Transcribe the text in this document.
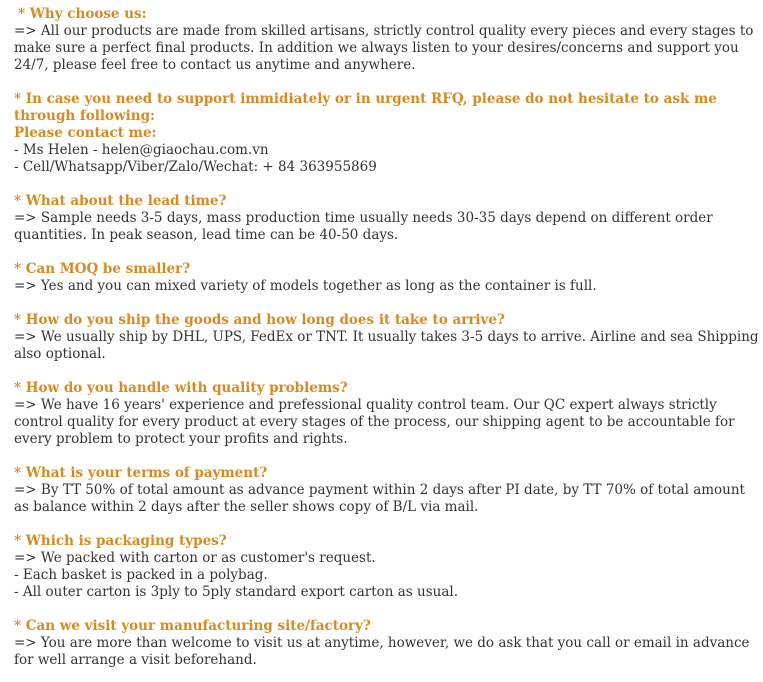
* Why choose us:
=> All our products are made from skilled artisans, strictly control quality every pieces and every stages to make sure a perfect final products. In addition we always listen to your desires/concerns and support you 24/7, please feel free to contact us anytime and anywhere.
* In case you need to support immidiately or in urgent RFQ, please do not hesitate to ask me through following:
Please contact me:
- Ms Helen - helen@giaochau.com.vn
- Cell/Whatsapp/Viber/Zalo/Wechat: + 84 363955869
* What about the lead time?
=> Sample needs 3-5 days, mass production time usually needs 30-35 days depend on different order quantities. In peak season, lead time can be 40-50 days.
* Can MOQ be smaller?
=> Yes and you can mixed variety of models together as long as the container is full.
* How do you ship the goods and how long does it take to arrive?
=> We usually ship by DHL, UPS, FedEx or TNT. It usually takes 3-5 days to arrive. Airline and sea Shipping also optional.
* How do you handle with quality problems?
=> We have 16 years' experience and prefessional quality control team. Our QC expert always strictly control quality for every product at every stages of the process, our shipping agent to be accountable for every problem to protect your profits and rights.
* What is your terms of payment?
=> By TT 50% of total amount as advance payment within 2 days after PI date, by TT 70% of total amount as balance within 2 days after the seller shows copy of B/L via mail.
* Which is packaging types?
=> We packed with carton or as customer's request.
- Each basket is packed in a polybag.
- All outer carton is 3ply to 5ply standard export carton as usual.
* Can we visit your manufacturing site/factory?
=> You are more than welcome to visit us at anytime, however, we do ask that you call or email in advance for well arrange a visit beforehand.
